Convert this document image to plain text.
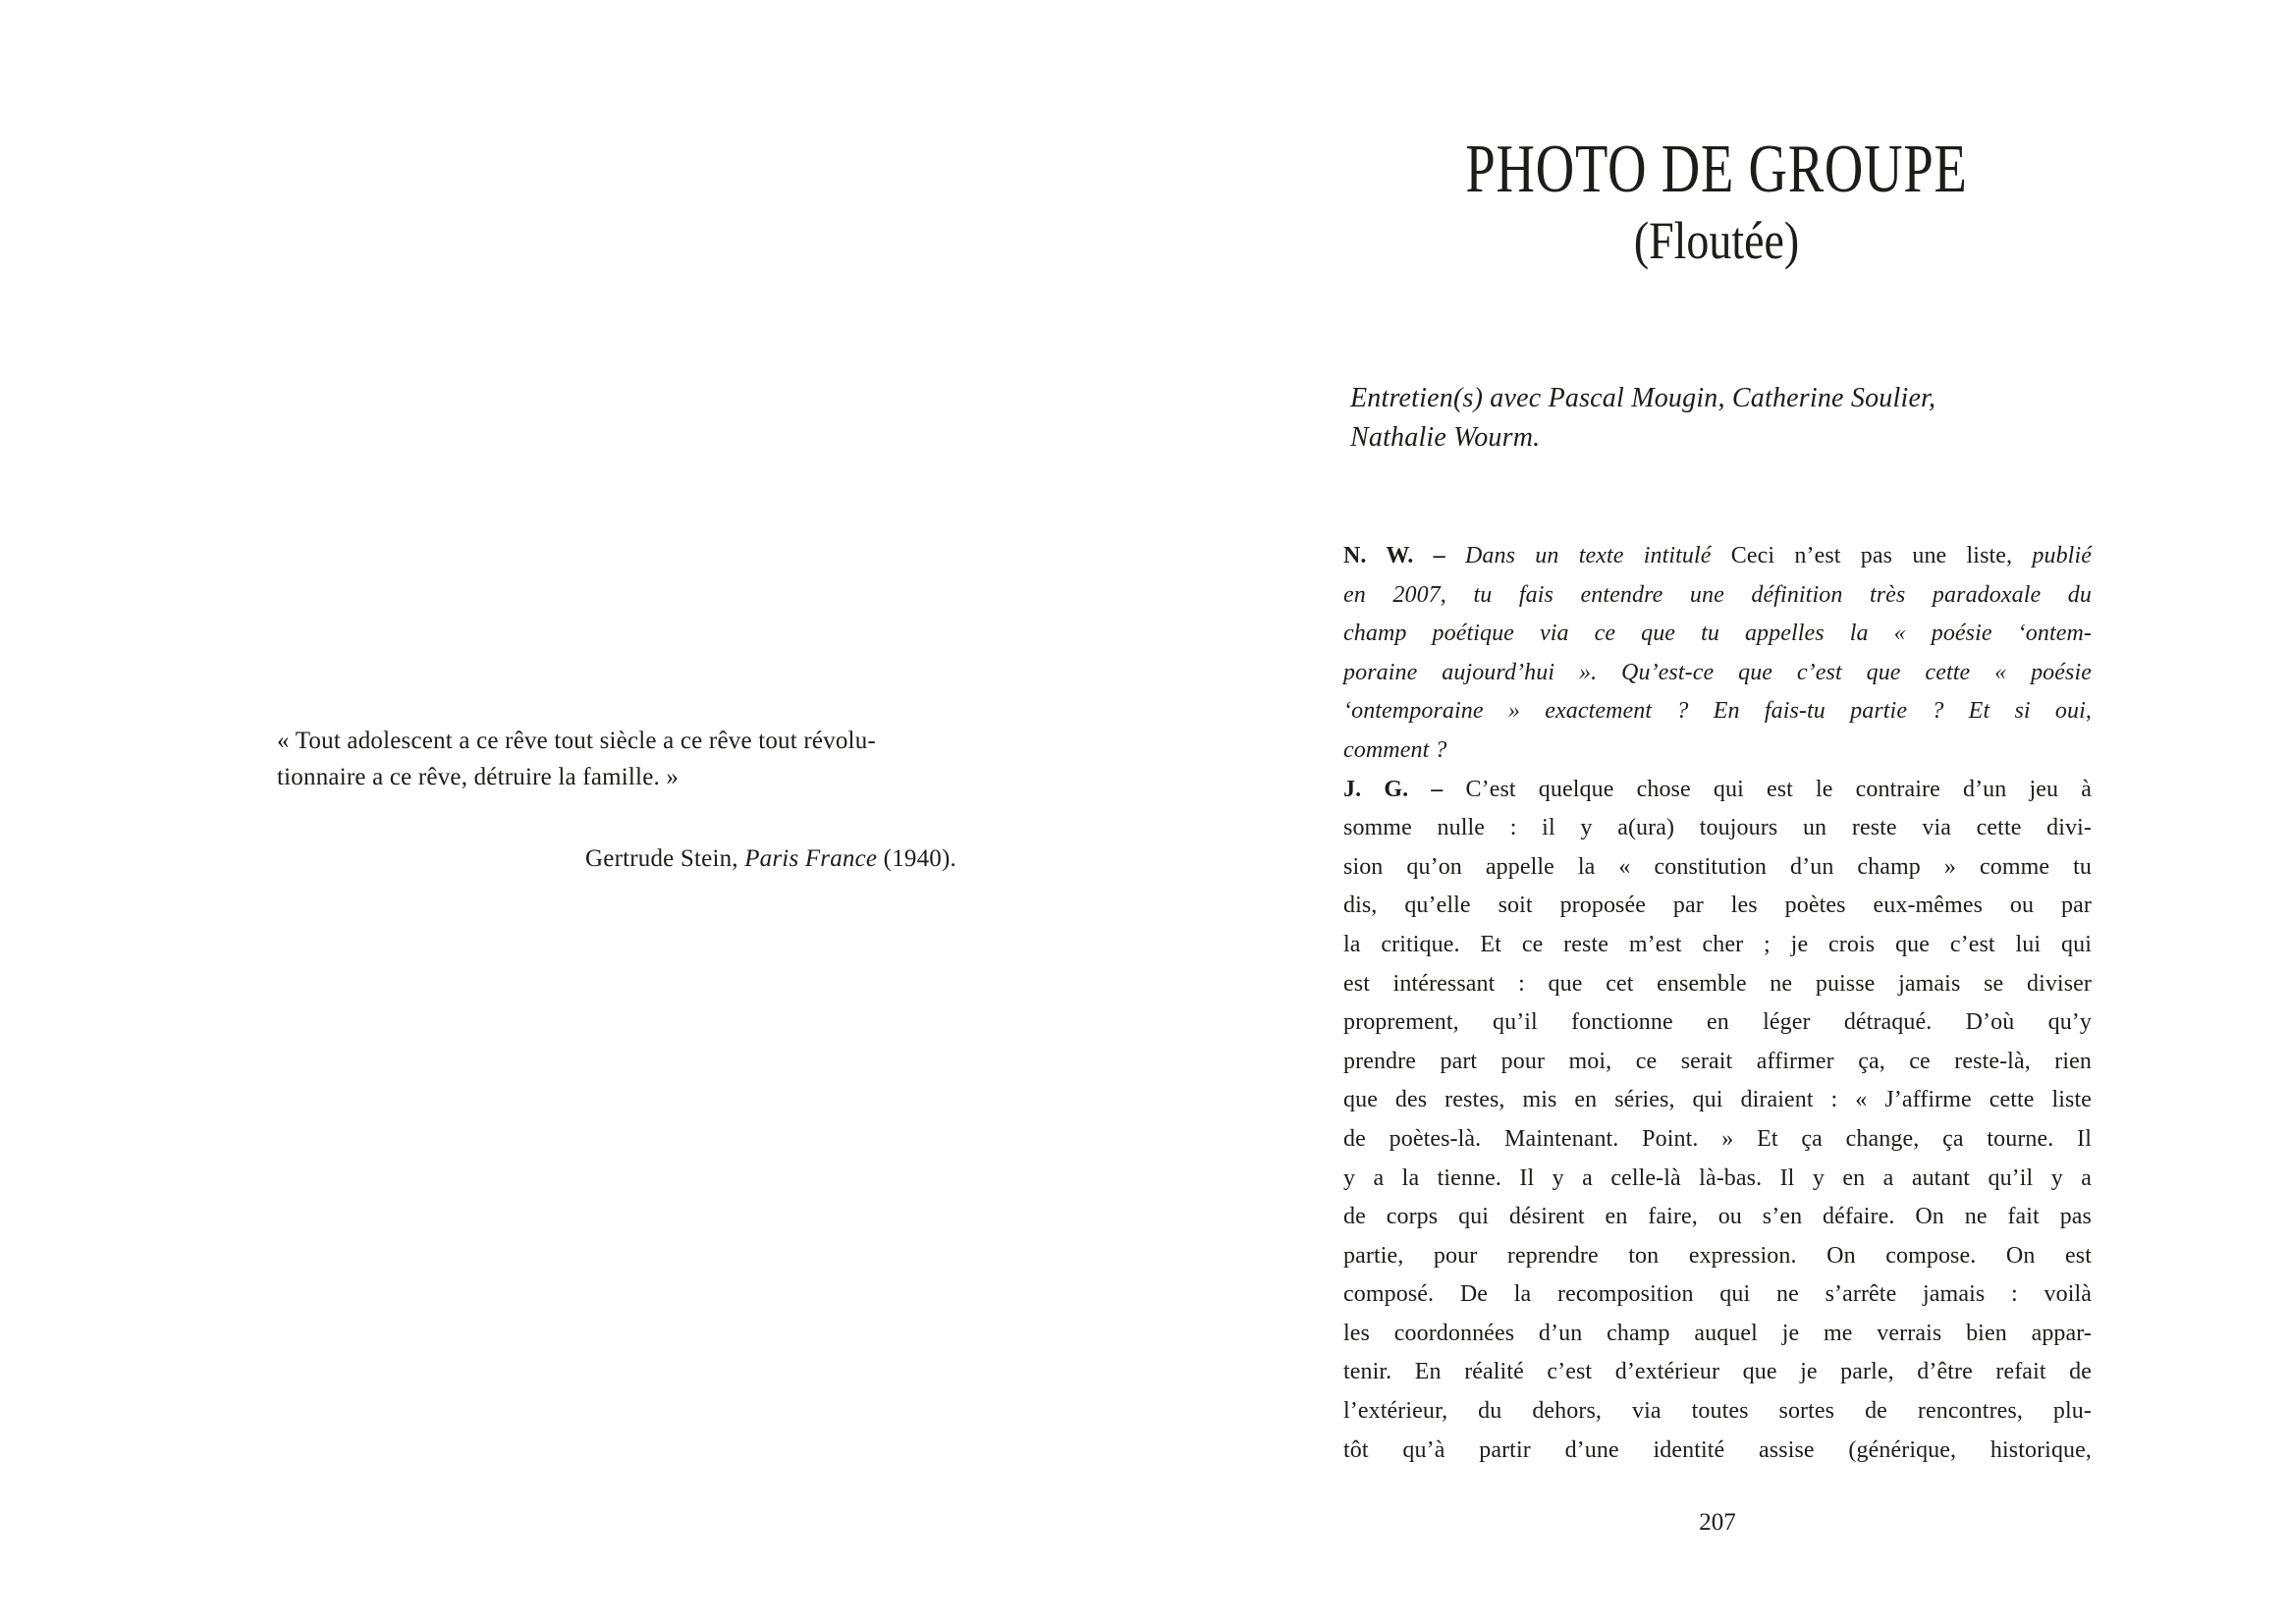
« Tout adolescent a ce rêve tout siècle a ce rêve tout révolu-
tionnaire a ce rêve, détruire la famille. »
Gertrude Stein, Paris France (1940).
PHOTO DE GROUPE
(Floutée)
Entretien(s) avec Pascal Mougin, Catherine Soulier,
Nathalie Wourm.
N. W. – Dans un texte intitulé Ceci n’est pas une liste, publié
en 2007, tu fais entendre une définition très paradoxale du
champ poétique via ce que tu appelles la « poésie ‘ontem-
poraine aujourd’hui ». Qu’est-ce que c’est que cette « poésie
‘ontemporaine » exactement ? En fais-tu partie ? Et si oui,
comment ?
J. G. – C’est quelque chose qui est le contraire d’un jeu à
somme nulle : il y a(ura) toujours un reste via cette divi-
sion qu’on appelle la « constitution d’un champ » comme tu
dis, qu’elle soit proposée par les poètes eux-mêmes ou par
la critique. Et ce reste m’est cher ; je crois que c’est lui qui
est intéressant : que cet ensemble ne puisse jamais se diviser
proprement, qu’il fonctionne en léger détraqué. D’où qu’y
prendre part pour moi, ce serait affirmer ça, ce reste-là, rien
que des restes, mis en séries, qui diraient : « J’affirme cette liste
de poètes-là. Maintenant. Point. » Et ça change, ça tourne. Il
y a la tienne. Il y a celle-là là-bas. Il y en a autant qu’il y a
de corps qui désirent en faire, ou s’en défaire. On ne fait pas
partie, pour reprendre ton expression. On compose. On est
composé. De la recomposition qui ne s’arrête jamais : voilà
les coordonnées d’un champ auquel je me verrais bien appar-
tenir. En réalité c’est d’extérieur que je parle, d’être refait de
l’extérieur, du dehors, via toutes sortes de rencontres, plu-
tôt qu’à partir d’une identité assise (générique, historique,
207
